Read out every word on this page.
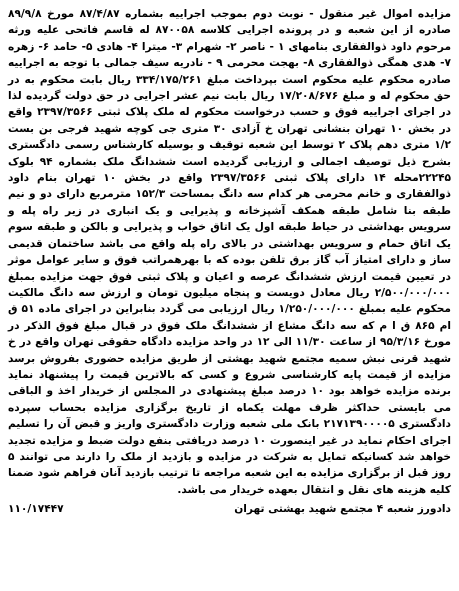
مزایده اموال غیر منقول - نوبت دوم بموجب اجراییه بشماره ۸۷/۴/۸۷ مورخ ۸۹/۹/۸ صادره از این شعبه و در پرونده اجرایی کلاسه ۸۷۰۰۵۸ له قاسم فاتحی علیه ورثه مرحوم داود ذوالفقاری بنامهای ۱ - ناصر ۲- شهرام ۳- میترا ۴- هادی ۵- حامد ۶- زهره ۷- هدی همگی ذوالفقاری ۸- بهجت محرمی ۹ - نادریه سیف جمالی با توجه به اجراییه صادره محکوم علیه محکوم است بپرداخت مبلغ ۳۳۴/۱۷۵/۲۶۱ ریال بابت محکوم به در حق محکوم له و مبلغ ۱۷/۲۰۸/۶۷۶ ریال بابت نیم عشر اجرایی در حق دولت گردیده لذا در اجرای اجراییه فوق و حسب درخواست محکوم له ملک پلاک ثبتی ۲۳۹۷/۳۵۶۶ واقع در بخش ۱۰ تهران بنشانی تهران خ آزادی ۳۰ متری جی کوچه شهید فرجی بن بست ۱/۲ متری دهم پلاک ۲ توسط این شعبه توقیف و بوسیله کارشناس رسمی دادگستری بشرح ذیل توصیف اجمالی و ارزیابی گردیده است ششدانگ ملک بشماره ۹۴ بلوک ۲۲۲۴۵محله ۱۴ دارای پلاک ثبتی ۲۳۹۷/۳۵۶۶ واقع در بخش ۱۰ تهران بنام داود ذوالفقاری و خانم محرمی هر کدام سه دانگ بمساحت ۱۵۲/۳ مترمربع دارای دو و نیم طبقه بنا شامل طبقه همکف آشپزخانه و پذیرایی و یک انباری در زیر راه پله و سرویس بهداشتی در حیاط طبقه اول یک اتاق خواب و پذیرایی و بالکن و طبقه سوم یک اتاق حمام و سرویس بهداشتی در بالای راه پله واقع می باشد ساختمان قدیمی ساز و دارای امتیاز آب گاز برق تلفن بوده که با بهرهمراتب فوق و سایر عوامل موثر در تعیین قیمت ارزش ششدانگ عرصه و اعیان و پلاک ثبتی فوق جهت مزایده بمبلغ ۲/۵۰۰/۰۰۰/۰۰۰ ریال معادل دویست و پنجاه میلیون تومان و ارزش سه دانگ مالکیت محکوم علیه بمبلغ ۱/۲۵۰/۰۰۰/۰۰۰ ریال ارزیابی می گردد بنابراین در اجرای ماده ۵۱ ق ام ۸۶۵ ق ا م که سه دانگ مشاع از ششدانگ ملک فوق در قبال مبلغ فوق الذکر در مورخ ۹۵/۳/۱۶ از ساعت ۱۱/۳۰ الی ۱۲ در واحد مزایده دادگاه حقوقی تهران واقع در خ شهید قرنی نبش سمیه مجتمع شهید بهشتی از طریق مزایده حضوری بفروش برسد مزایده از قیمت پایه کارشناسی شروع و کسی که بالاترین قیمت را پیشنهاد نماید برنده مزایده خواهد بود ۱۰ درصد مبلغ پیشنهادی در المجلس از خریدار اخذ و الباقی می بایستی حداکثر ظرف مهلت یکماه از تاریخ برگزاری مزایده بحساب سپرده دادگستری ۲۱۷۱۳۹۰۰۰۰۵ بانک ملی شعبه وزارت دادگستری واریز و قبض آن را تسلیم اجرای احکام نماید در غیر اینصورت ۱۰ درصد دریافتی بنفع دولت ضبط و مزایده تجدید خواهد شد کسانیکه تمایل به شرکت در مزایده و بازدید از ملک را دارند می توانند ۵ روز قبل از برگزاری مزایده به این شعبه مراجعه تا ترتیب بازدید آنان فراهم شود ضمنا کلیه هزینه های نقل و انتقال بعهده خریدار می باشد.

دادورز شعبه ۴ مجتمع شهید بهشتی تهران
۱۱۰/۱۷۴۴۷
